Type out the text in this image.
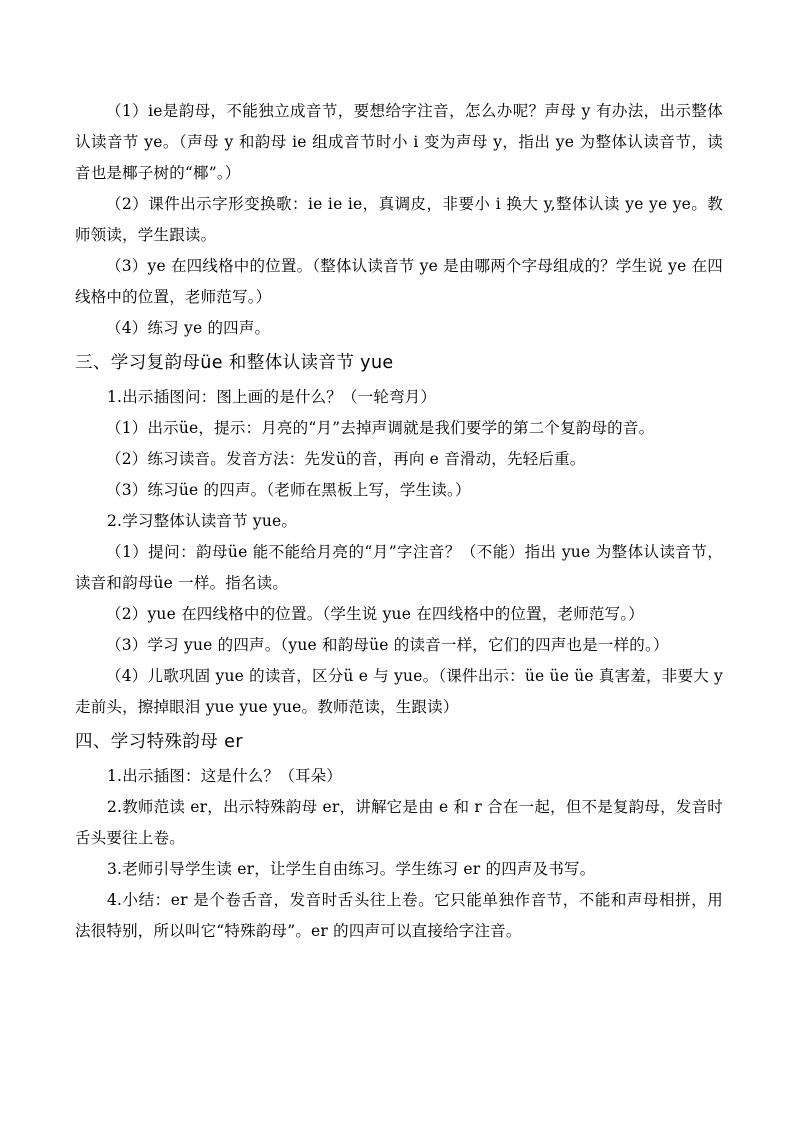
（1）ie是韵母，不能独立成音节，要想给字注音，怎么办呢？声母 y 有办法，出示整体认读音节 ye。（声母 y 和韵母 ie 组成音节时小 i 变为声母 y，指出 ye 为整体认读音节，读音也是椰子树的“椰”。）

（2）课件出示字形变换歌：ie ie ie，真调皮，非要小 i 换大 y,整体认读 ye ye ye。教师领读，学生跟读。

（3）ye 在四线格中的位置。（整体认读音节 ye 是由哪两个字母组成的？学生说 ye 在四线格中的位置，老师范写。）

（4）练习 ye 的四声。

三、学习复韵母üe 和整体认读音节 yue

1.出示插图问：图上画的是什么？（一轮弯月）

（1）出示üe，提示：月亮的“月”去掉声调就是我们要学的第二个复韵母的音。

（2）练习读音。发音方法：先发ü的音，再向 e 音滑动，先轻后重。

（3）练习üe 的四声。（老师在黑板上写，学生读。）

2.学习整体认读音节 yue。

（1）提问：韵母üe 能不能给月亮的“月”字注音？（不能）指出 yue 为整体认读音节，读音和韵母üe 一样。指名读。

（2）yue 在四线格中的位置。（学生说 yue 在四线格中的位置，老师范写。）

（3）学习 yue 的四声。（yue 和韵母üe 的读音一样，它们的四声也是一样的。）

（4）儿歌巩固 yue 的读音，区分ü e 与 yue。（课件出示：üe üe üe 真害羞，非要大 y 走前头，擦掉眼泪 yue yue yue。教师范读，生跟读）

四、学习特殊韵母 er

1.出示插图：这是什么？（耳朵）

2.教师范读 er，出示特殊韵母 er，讲解它是由 e 和 r 合在一起，但不是复韵母，发音时舌头要往上卷。

3.老师引导学生读 er，让学生自由练习。学生练习 er 的四声及书写。

4.小结：er 是个卷舌音，发音时舌头往上卷。它只能单独作音节，不能和声母相拼，用法很特别，所以叫它“特殊韵母”。er 的四声可以直接给字注音。
